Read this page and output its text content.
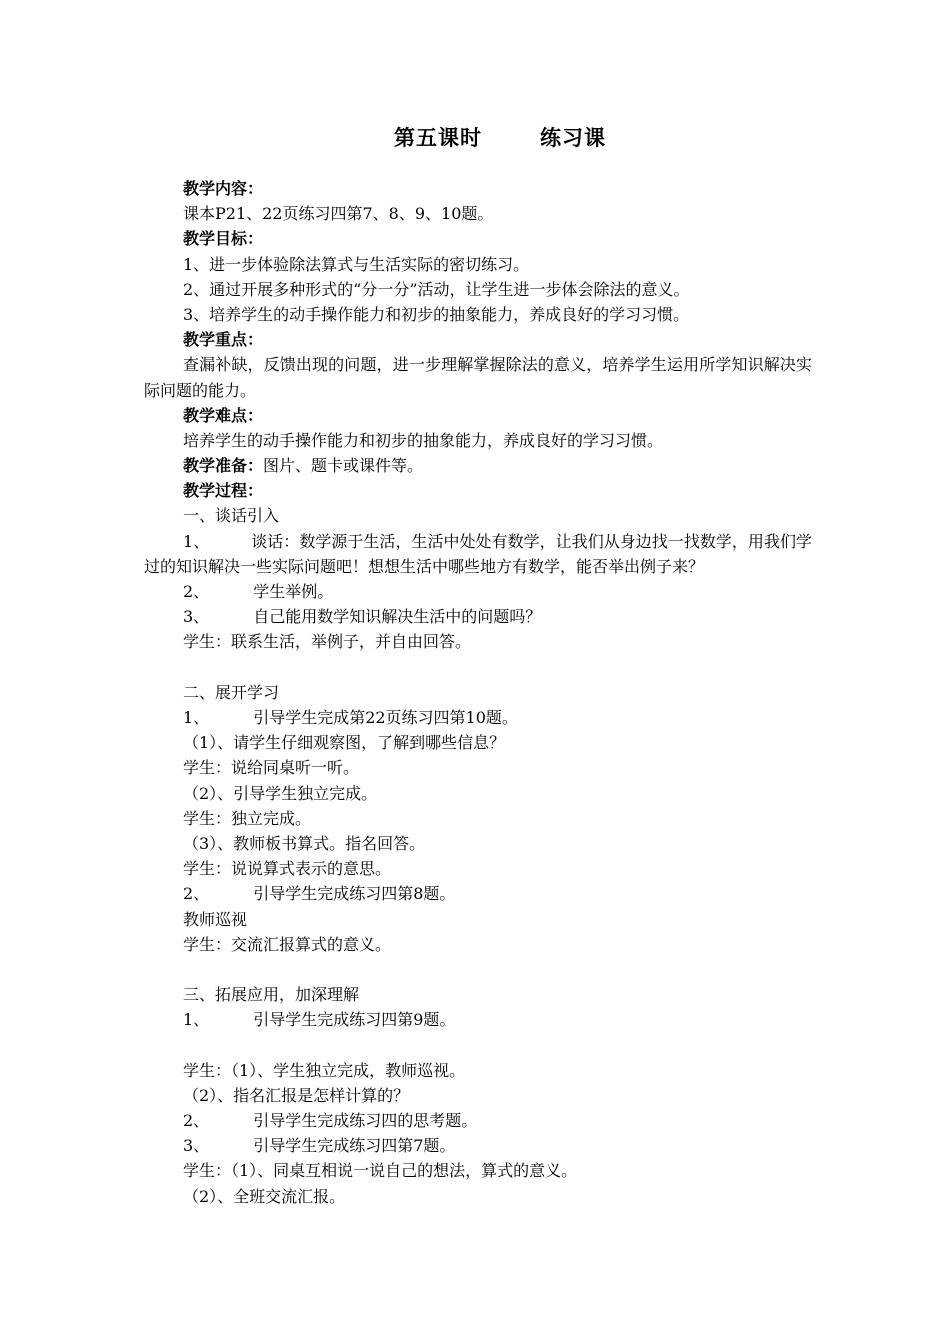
第五课时	练习课
教学内容：
课本P21、22页练习四第7、8、9、10题。
教学目标：
1、进一步体验除法算式与生活实际的密切练习。
2、通过开展多种形式的“分一分”活动，让学生进一步体会除法的意义。
3、培养学生的动手操作能力和初步的抽象能力，养成良好的学习习惯。
教学重点：
查漏补缺，反馈出现的问题，进一步理解掌握除法的意义，培养学生运用所学知识解决实际问题的能力。
教学难点：
培养学生的动手操作能力和初步的抽象能力，养成良好的学习习惯。
教学准备：图片、题卡或课件等。
教学过程：
一、谈话引入
1、	谈话：数学源于生活，生活中处处有数学，让我们从身边找一找数学，用我们学过的知识解决一些实际问题吧！想想生活中哪些地方有数学，能否举出例子来？
2、	学生举例。
3、	自己能用数学知识解决生活中的问题吗？
学生：联系生活，举例子，并自由回答。
二、展开学习
1、	引导学生完成第22页练习四第10题。
（1）、请学生仔细观察图，了解到哪些信息？
学生：说给同桌听一听。
（2）、引导学生独立完成。
学生：独立完成。
（3）、教师板书算式。指名回答。
学生：说说算式表示的意思。
2、	引导学生完成练习四第8题。
教师巡视
学生：交流汇报算式的意义。
三、拓展应用，加深理解
1、	引导学生完成练习四第9题。
学生：（1）、学生独立完成，教师巡视。
（2）、指名汇报是怎样计算的？
2、	引导学生完成练习四的思考题。
3、	引导学生完成练习四第7题。
学生：（1）、同桌互相说一说自己的想法，算式的意义。
（2）、全班交流汇报。
